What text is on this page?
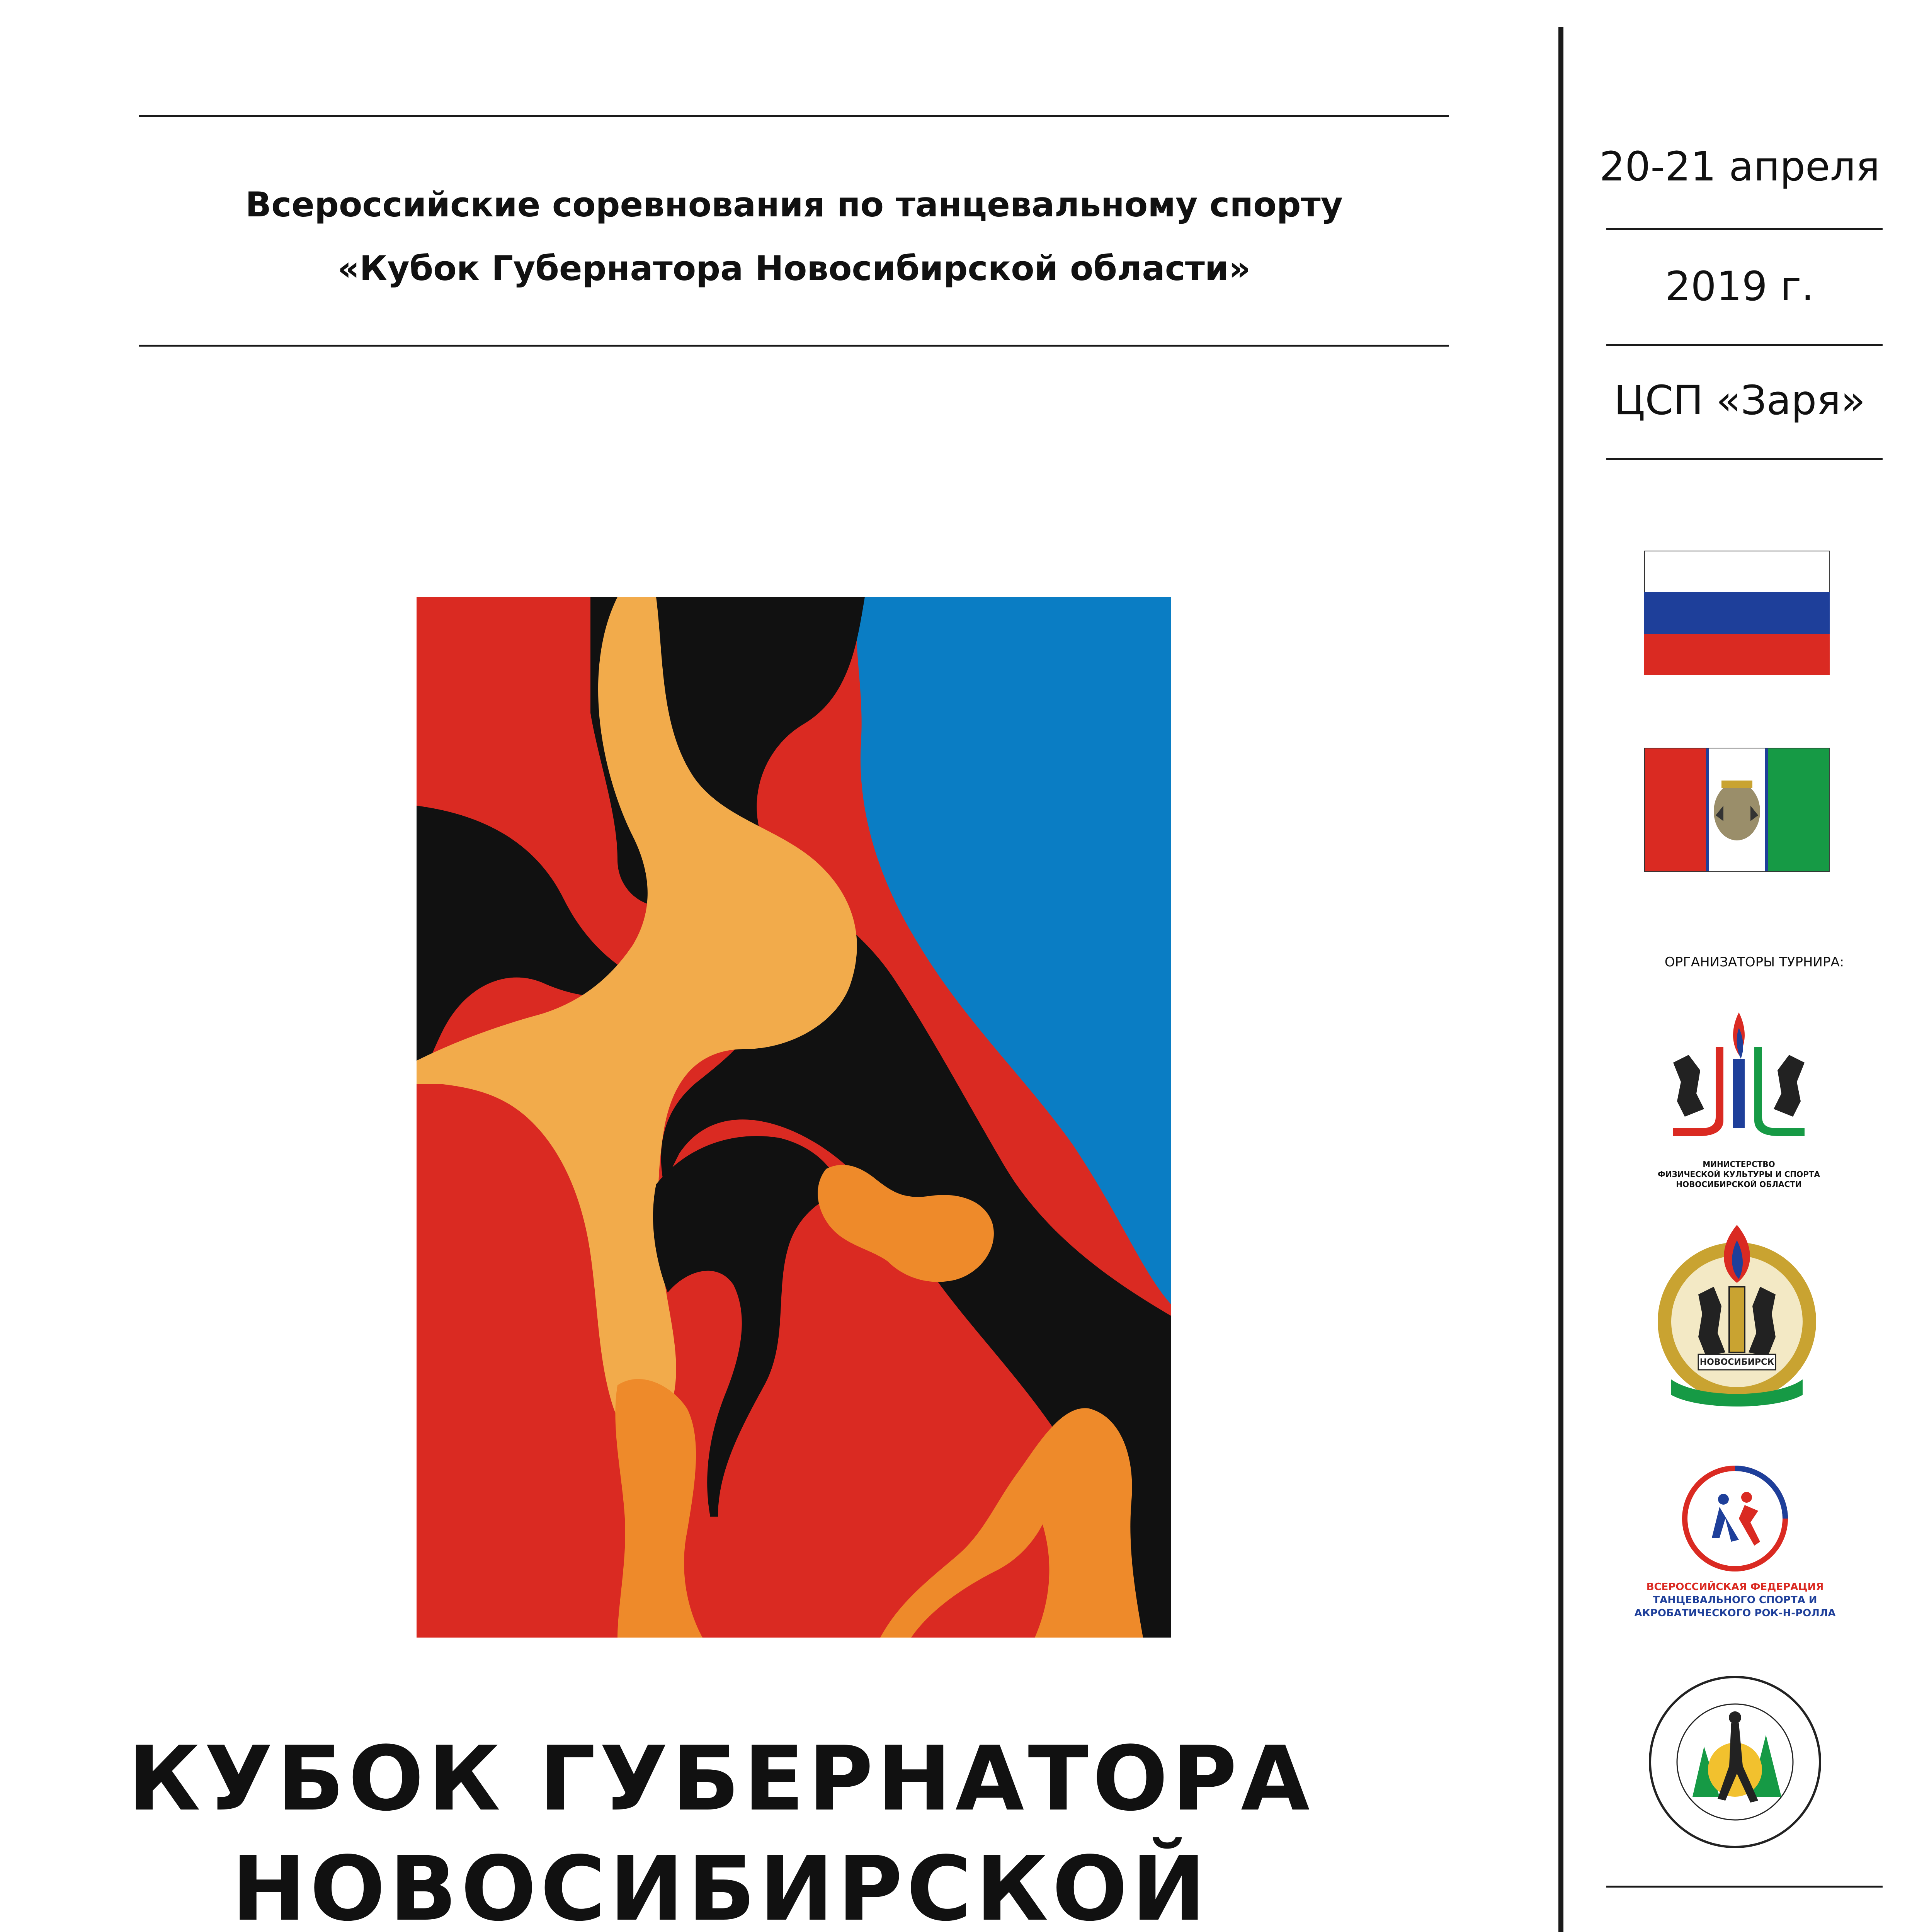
Всероссийские соревнования по танцевальному спорту

«Кубок Губернатора Новосибирской области»

КУБОК ГУБЕРНАТОРА

НОВОСИБИРСКОЙ

20-21 апреля

2019 г.

ЦСП «Заря»

ОРГАНИЗАТОРЫ ТУРНИРА:

МИНИСТЕРСТВО

ФИЗИЧЕСКОЙ КУЛЬТУРЫ И СПОРТА

НОВОСИБИРСКОЙ ОБЛАСТИ

НОВОСИБИРСК

ВСЕРОССИЙСКАЯ ФЕДЕРАЦИЯ

ТАНЦЕВАЛЬНОГО СПОРТА И

АКРОБАТИЧЕСКОГО РОК-Н-РОЛЛА
